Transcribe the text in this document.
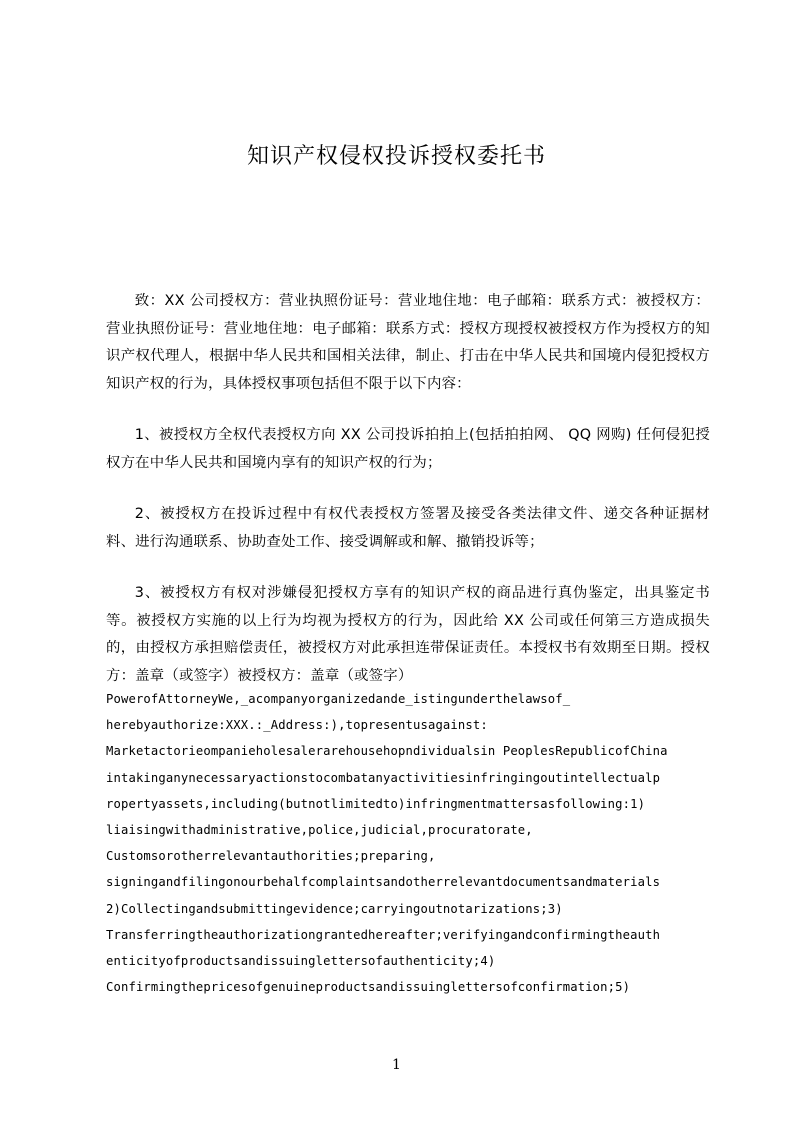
知识产权侵权投诉授权委托书

致：XX 公司授权方：营业执照份证号：营业地住地：电子邮箱：联系方式：被授权方：营业执照份证号：营业地住地：电子邮箱：联系方式：授权方现授权被授权方作为授权方的知识产权代理人，根据中华人民共和国相关法律，制止、打击在中华人民共和国境内侵犯授权方知识产权的行为，具体授权事项包括但不限于以下内容：

1、被授权方全权代表授权方向 XX 公司投诉拍拍上(包括拍拍网、 QQ 网购) 任何侵犯授权方在中华人民共和国境内享有的知识产权的行为；

2、被授权方在投诉过程中有权代表授权方签署及接受各类法律文件、递交各种证据材料、进行沟通联系、协助查处工作、接受调解或和解、撤销投诉等；

3、被授权方有权对涉嫌侵犯授权方享有的知识产权的商品进行真伪鉴定，出具鉴定书等。被授权方实施的以上行为均视为授权方的行为，因此给 XX 公司或任何第三方造成损失的，由授权方承担赔偿责任，被授权方对此承担连带保证责任。本授权书有效期至日期。授权方：盖章（或签字）被授权方：盖章（或签字）

PowerofAttorneyWe,_acompanyorganizedande_istingunderthelawsof_
herebyauthorize:XXX.:_Address:),topresentusagainst:
Marketactorieompanieholesalerarehousehopndividualsin PeoplesRepublicofChina
intakinganynecessaryactionstocombatanyactivitiesinfringingoutintellectualp
ropertyassets,including(butnotlimitedto)infringmentmattersasfollowing:1)
liaisingwithadministrative,police,judicial,procuratorate,
Customsorotherrelevantauthorities;preparing,
signingandfilingonourbehalfcomplaintsandotherrelevantdocumentsandmaterials
2)Collectingandsubmittingevidence;carryingoutnotarizations;3)
Transferringtheauthorizationgrantedhereafter;verifyingandconfirmingtheauth
enticityofproductsandissuinglettersofauthenticity;4)
Confirmingthepricesofgenuineproductsandissuinglettersofconfirmation;5)
1
